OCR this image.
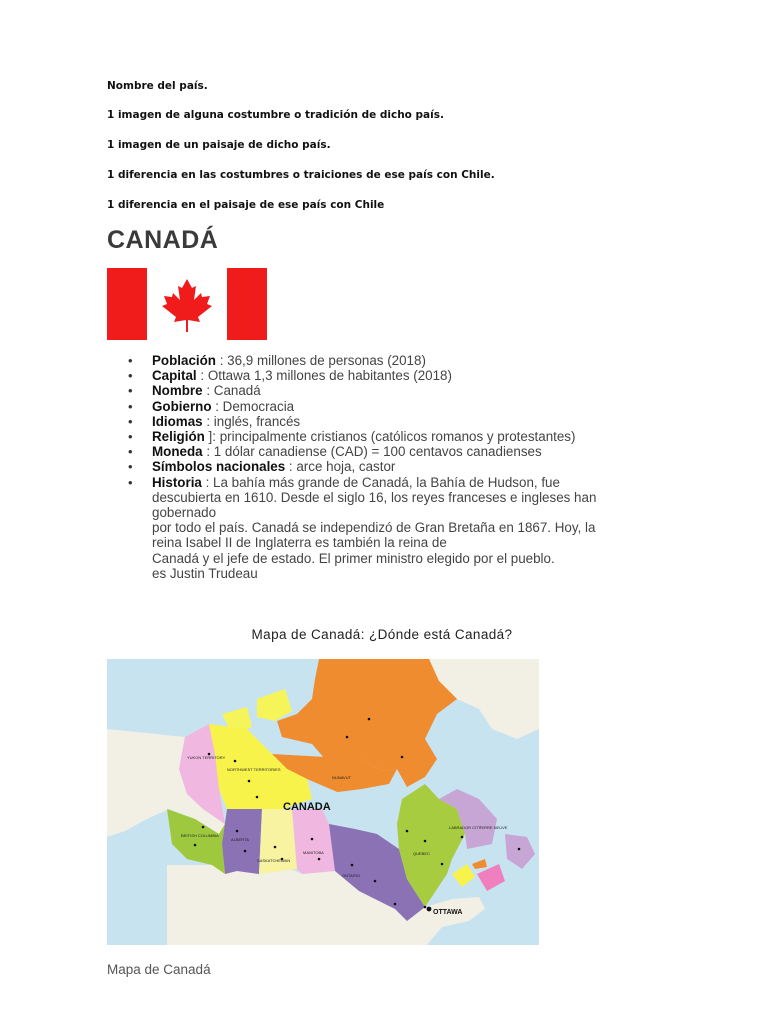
Nombre del país.

1 imagen de alguna costumbre o tradición de dicho país.

1 imagen de un paisaje de dicho país.

1 diferencia en las costumbres o traiciones de ese país con Chile.

1 diferencia en el paisaje de ese país con Chile

CANADÁ
• Población : 36,9 millones de personas (2018)
• Capital : Ottawa 1,3 millones de habitantes (2018)
• Nombre : Canadá
• Gobierno : Democracia
• Idiomas : inglés, francés
• Religión ]: principalmente cristianos (católicos romanos y protestantes)
• Moneda : 1 dólar canadiense (CAD) = 100 centavos canadienses
• Símbolos nacionales : arce hoja, castor
• Historia : La bahía más grande de Canadá, la Bahía de Hudson, fue
descubierta en 1610. Desde el siglo 16, los reyes franceses e ingleses han
gobernado
por todo el país. Canadá se independizó de Gran Bretaña en 1867. Hoy, la
reina Isabel II de Inglaterra es también la reina de
Canadá y el jefe de estado. El primer ministro elegido por el pueblo.
es Justin Trudeau

Mapa de Canadá: ¿Dónde está Canadá?

YUKON TERRITORY
NORTHWEST TERRITORIES
NUNAVUT
BRITISH COLUMBIA
ALBERTA
SASKATCHEWAN
MANITOBA
ONTARIO
QUEBEC
LABRADOR CITY
TERRE NEUVE
CANADA
OTTAWA

Mapa de Canadá
